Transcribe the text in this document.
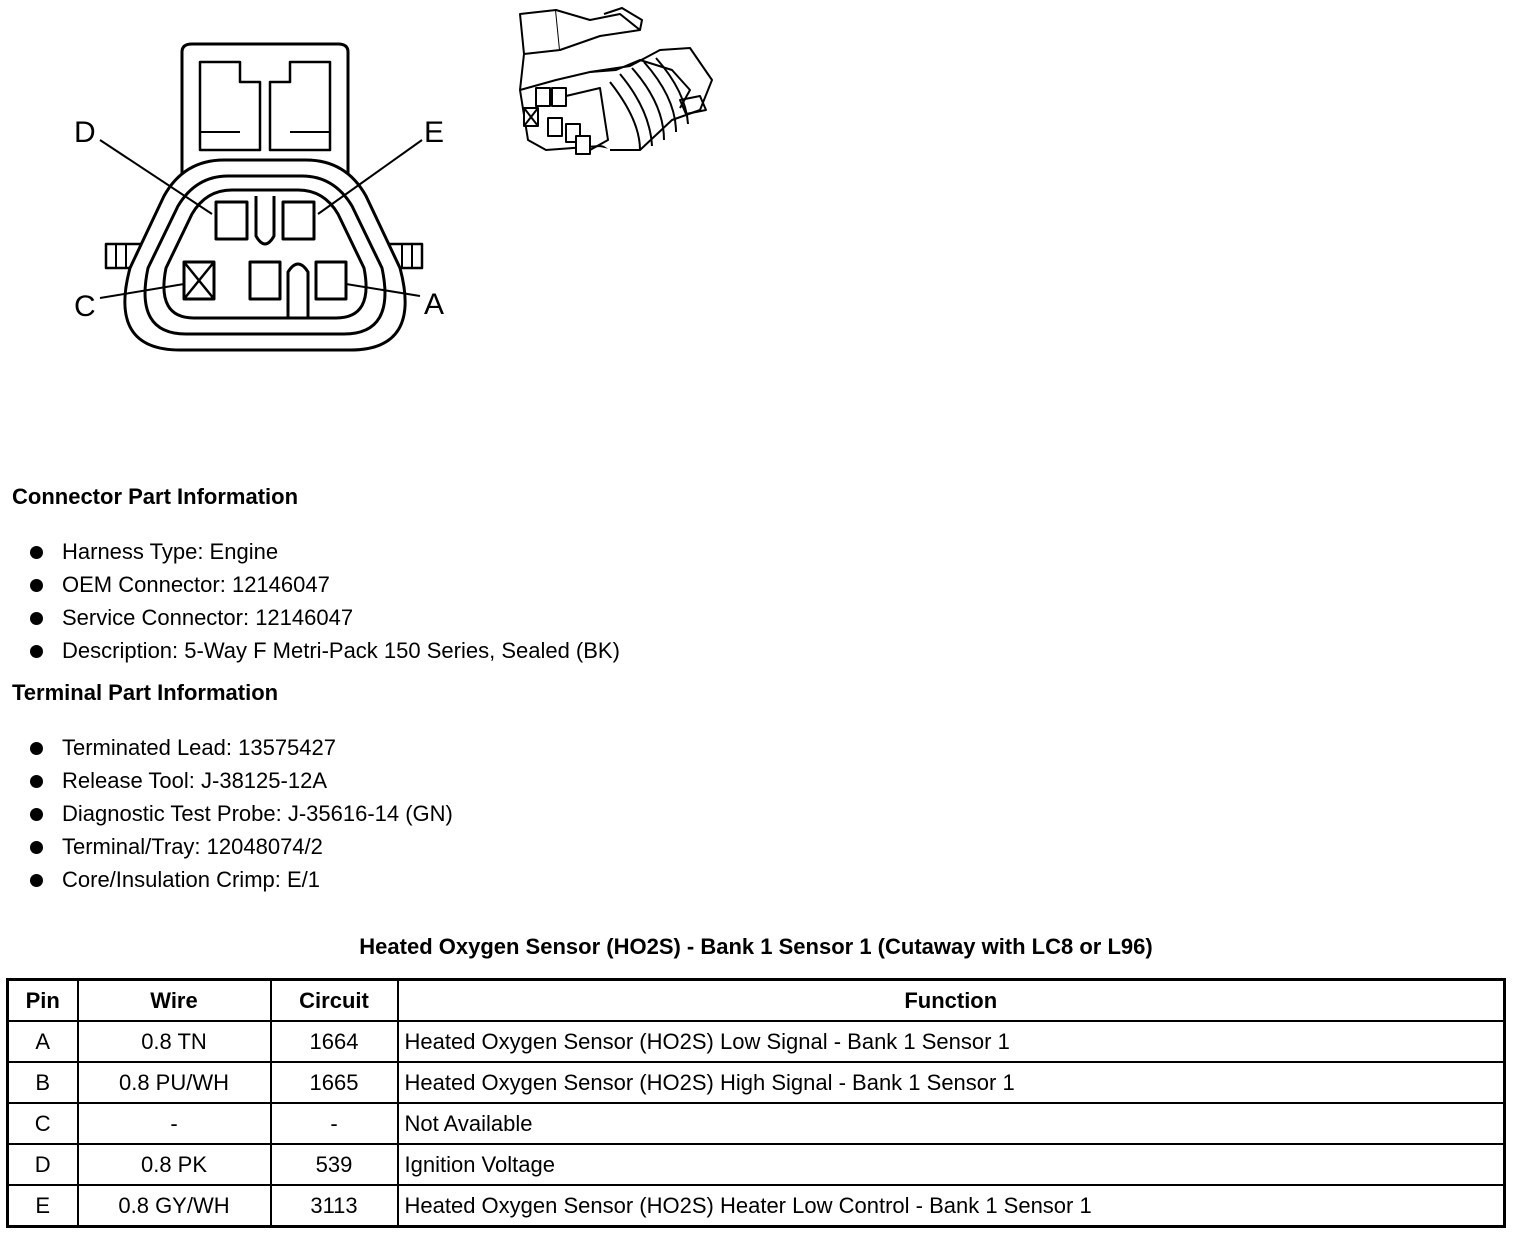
D	E
C	A
Connector Part Information
Harness Type: Engine
OEM Connector: 12146047
Service Connector: 12146047
Description: 5-Way F Metri-Pack 150 Series, Sealed (BK)
Terminal Part Information
Terminated Lead: 13575427
Release Tool: J-38125-12A
Diagnostic Test Probe: J-35616-14 (GN)
Terminal/Tray: 12048074/2
Core/Insulation Crimp: E/1
Heated Oxygen Sensor (HO2S) - Bank 1 Sensor 1 (Cutaway with LC8 or L96)
Pin	Wire	Circuit	Function
A	0.8 TN	1664	Heated Oxygen Sensor (HO2S) Low Signal - Bank 1 Sensor 1
B	0.8 PU/WH	1665	Heated Oxygen Sensor (HO2S) High Signal - Bank 1 Sensor 1
C	-	-	Not Available
D	0.8 PK	539	Ignition Voltage
E	0.8 GY/WH	3113	Heated Oxygen Sensor (HO2S) Heater Low Control - Bank 1 Sensor 1
